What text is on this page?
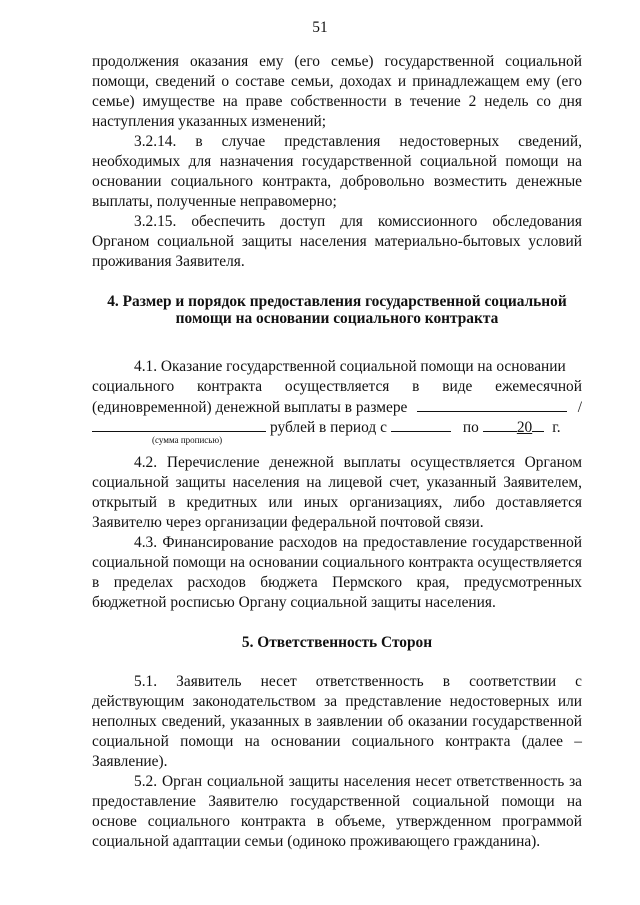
51

продолжения оказания ему (его семье) государственной социальной помощи, сведений о составе семьи, доходах и принадлежащем ему (его семье) имуществе на праве собственности в течение 2 недель со дня наступления указанных изменений;

3.2.14. в случае представления недостоверных сведений, необходимых для назначения государственной социальной помощи на основании социального контракта, добровольно возместить денежные выплаты, полученные неправомерно;

3.2.15. обеспечить доступ для комиссионного обследования Органом социальной защиты населения материально-бытовых условий проживания Заявителя.

4. Размер и порядок предоставления государственной социальной помощи на основании социального контракта

4.1. Оказание государственной социальной помощи на основании

социального контракта осуществляется в виде ежемесячной
(единовременной) денежной выплаты в размере	/
рублей в период с	по 20 г.
(сумма прописью)

4.2. Перечисление денежной выплаты осуществляется Органом социальной защиты населения на лицевой счет, указанный Заявителем, открытый в кредитных или иных организациях, либо доставляется Заявителю через организации федеральной почтовой связи.

4.3. Финансирование расходов на предоставление государственной социальной помощи на основании социального контракта осуществляется в пределах расходов бюджета Пермского края, предусмотренных бюджетной росписью Органу социальной защиты населения.

5. Ответственность Сторон

5.1. Заявитель несет ответственность в соответствии с действующим законодательством за представление недостоверных или неполных сведений, указанных в заявлении об оказании государственной социальной помощи на основании социального контракта (далее – Заявление).

5.2. Орган социальной защиты населения несет ответственность за предоставление Заявителю государственной социальной помощи на основе социального контракта в объеме, утвержденном программой социальной адаптации семьи (одиноко проживающего гражданина).
